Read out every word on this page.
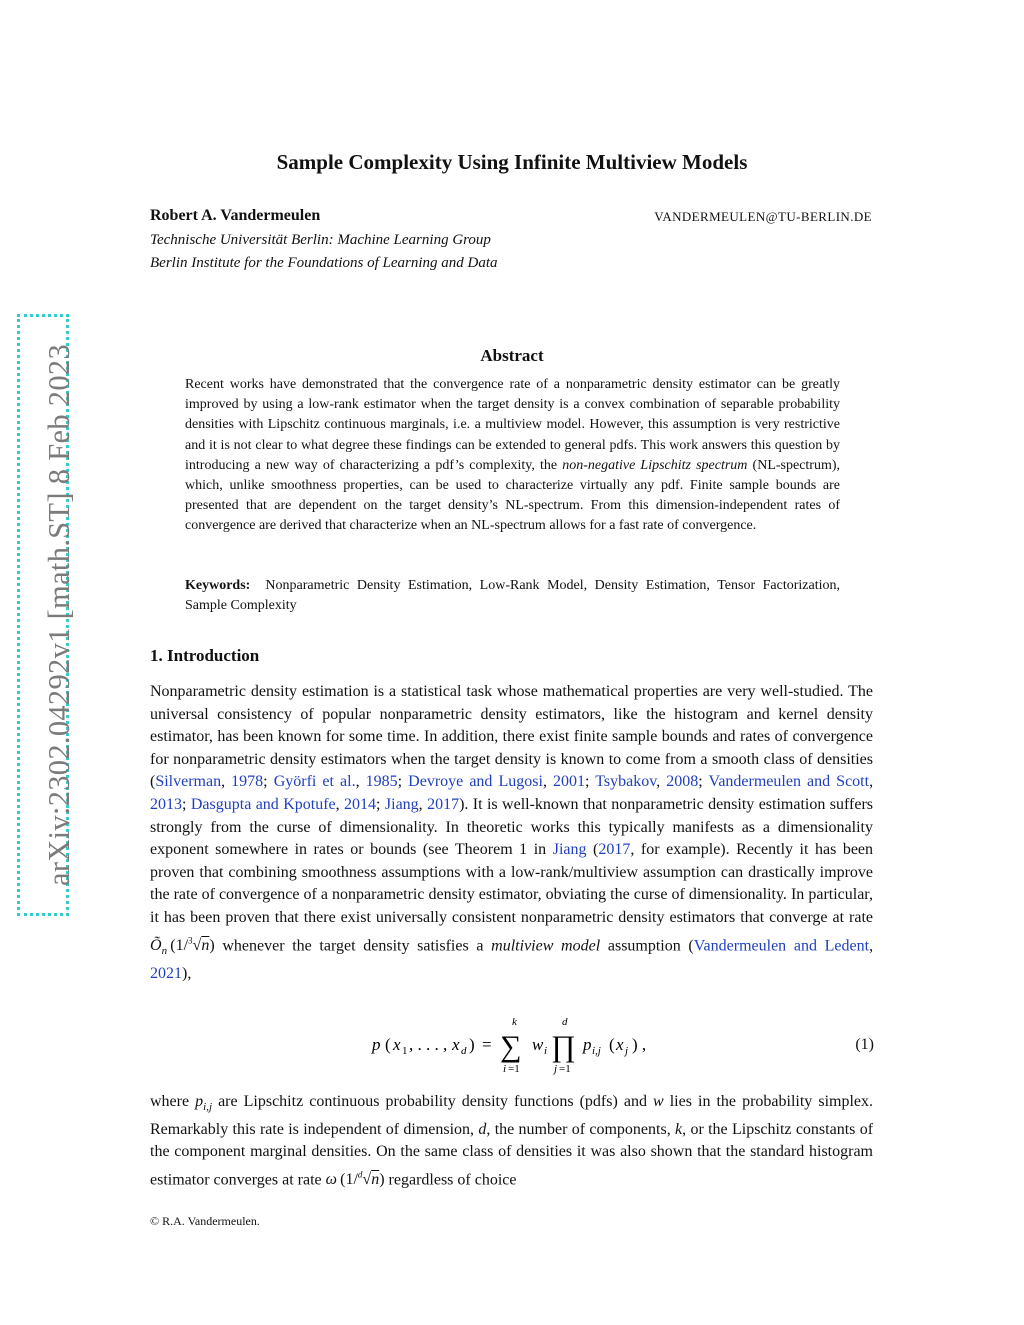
arXiv:2302.04292v1 [math.ST] 8 Feb 2023
Sample Complexity Using Infinite Multiview Models
Robert A. Vandermeulen	VANDERMEULEN@TU-BERLIN.DE
Technische Universität Berlin: Machine Learning Group
Berlin Institute for the Foundations of Learning and Data
Abstract
Recent works have demonstrated that the convergence rate of a nonparametric density estimator can be greatly improved by using a low-rank estimator when the target density is a convex combination of separable probability densities with Lipschitz continuous marginals, i.e. a multiview model. However, this assumption is very restrictive and it is not clear to what degree these findings can be extended to general pdfs. This work answers this question by introducing a new way of characterizing a pdf’s complexity, the non-negative Lipschitz spectrum (NL-spectrum), which, unlike smoothness properties, can be used to characterize virtually any pdf. Finite sample bounds are presented that are dependent on the target density’s NL-spectrum. From this dimension-independent rates of convergence are derived that characterize when an NL-spectrum allows for a fast rate of convergence.
Keywords: Nonparametric Density Estimation, Low-Rank Model, Density Estimation, Tensor Factorization, Sample Complexity
1. Introduction
Nonparametric density estimation is a statistical task whose mathematical properties are very well-studied. The universal consistency of popular nonparametric density estimators, like the histogram and kernel density estimator, has been known for some time. In addition, there exist finite sample bounds and rates of convergence for nonparametric density estimators when the target density is known to come from a smooth class of densities (Silverman, 1978; Györfi et al., 1985; Devroye and Lugosi, 2001; Tsybakov, 2008; Vandermeulen and Scott, 2013; Dasgupta and Kpotufe, 2014; Jiang, 2017). It is well-known that nonparametric density estimation suffers strongly from the curse of dimensionality. In theoretic works this typically manifests as a dimensionality exponent somewhere in rates or bounds (see Theorem 1 in Jiang (2017, for example). Recently it has been proven that combining smoothness assumptions with a low-rank/multiview assumption can drastically improve the rate of convergence of a nonparametric density estimator, obviating the curse of dimensionality. In particular, it has been proven that there exist universally consistent nonparametric density estimators that converge at rate $Õ_n$ (1/$^3$√n) whenever the target density satisfies a multiview model assumption (Vandermeulen and Ledent, 2021),
p ( x 1 , . . . , x d ) =
k
∑
i =1
w i
d
∏
j =1
p i,j ( x j ) ,	(1)
where $p_{i,j}$ are Lipschitz continuous probability density functions (pdfs) and w lies in the probability simplex. Remarkably this rate is independent of dimension, d, the number of components, k, or the Lipschitz constants of the component marginal densities. On the same class of densities it was also shown that the standard histogram estimator converges at rate ω (1/$^d$√n) regardless of choice
© R.A. Vandermeulen.
